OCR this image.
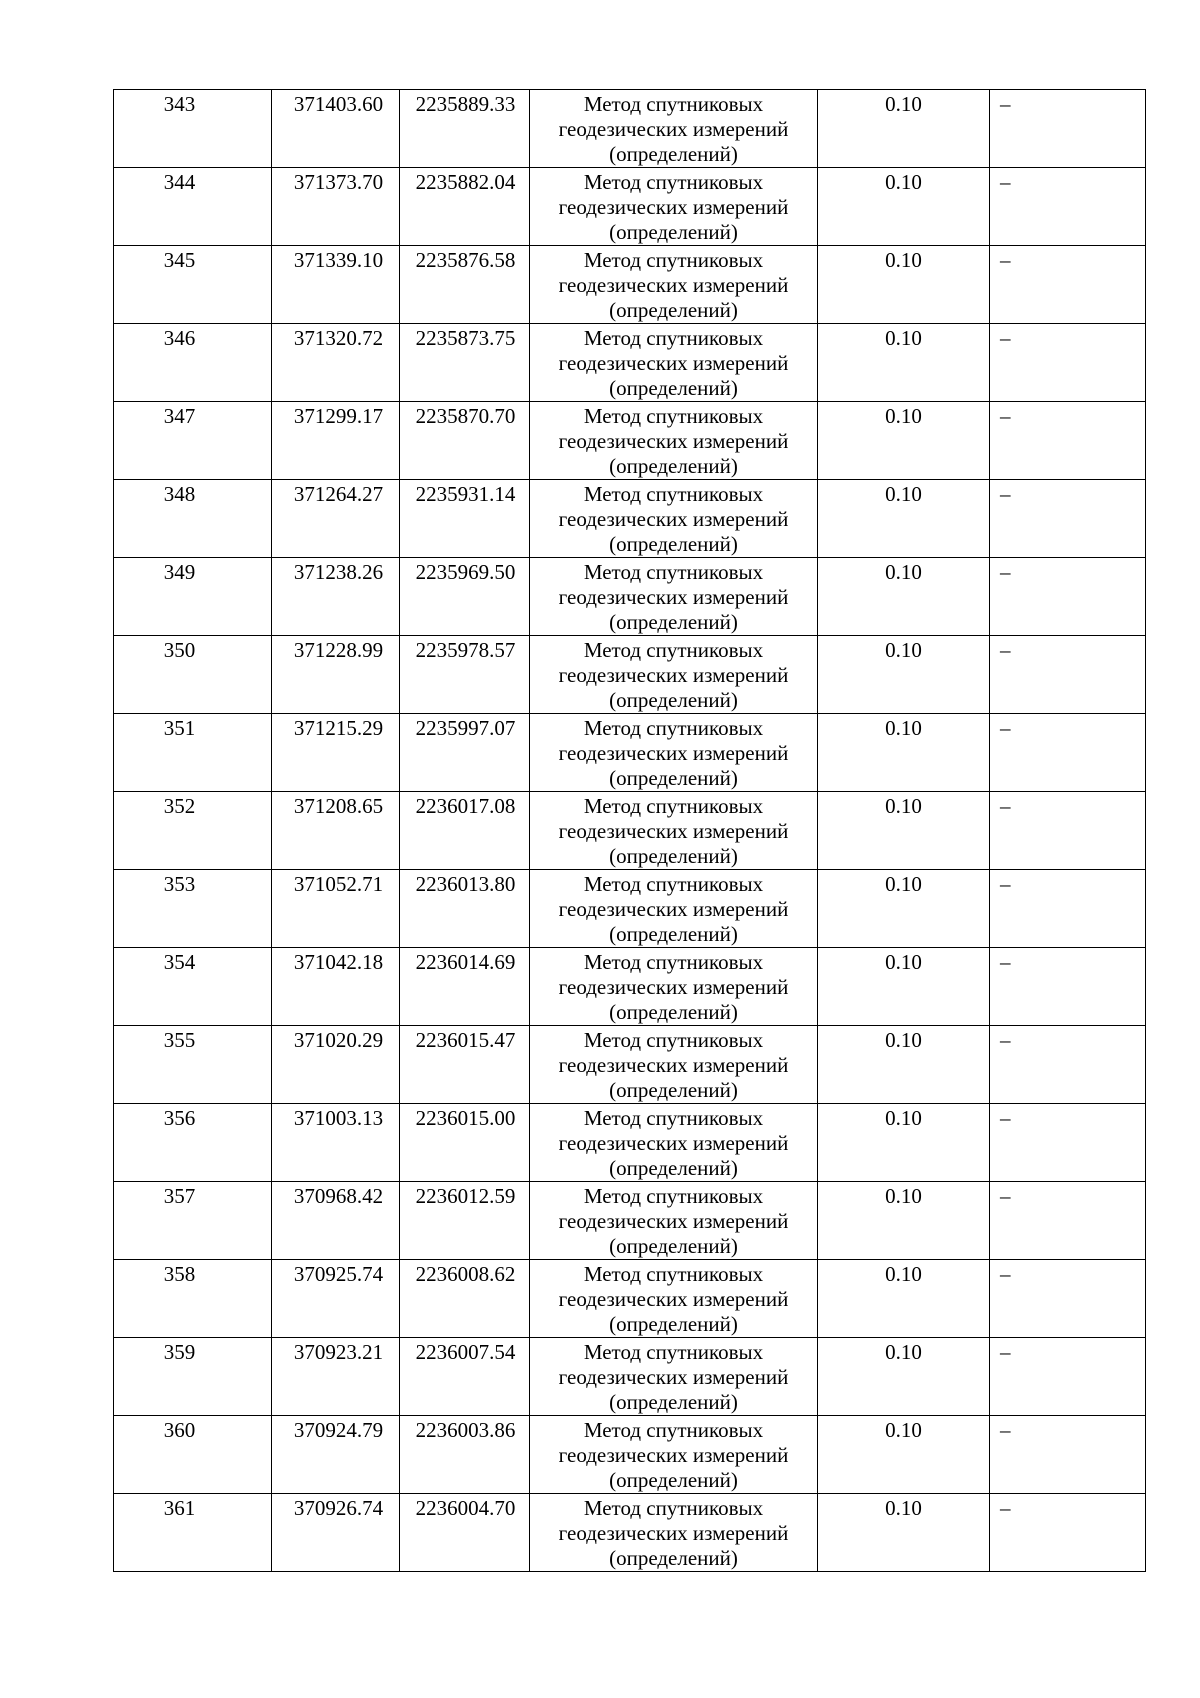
343	371403.60	2235889.33	Метод спутниковых геодезических измерений (определений)	0.10	–
344	371373.70	2235882.04	Метод спутниковых геодезических измерений (определений)	0.10	–
345	371339.10	2235876.58	Метод спутниковых геодезических измерений (определений)	0.10	–
346	371320.72	2235873.75	Метод спутниковых геодезических измерений (определений)	0.10	–
347	371299.17	2235870.70	Метод спутниковых геодезических измерений (определений)	0.10	–
348	371264.27	2235931.14	Метод спутниковых геодезических измерений (определений)	0.10	–
349	371238.26	2235969.50	Метод спутниковых геодезических измерений (определений)	0.10	–
350	371228.99	2235978.57	Метод спутниковых геодезических измерений (определений)	0.10	–
351	371215.29	2235997.07	Метод спутниковых геодезических измерений (определений)	0.10	–
352	371208.65	2236017.08	Метод спутниковых геодезических измерений (определений)	0.10	–
353	371052.71	2236013.80	Метод спутниковых геодезических измерений (определений)	0.10	–
354	371042.18	2236014.69	Метод спутниковых геодезических измерений (определений)	0.10	–
355	371020.29	2236015.47	Метод спутниковых геодезических измерений (определений)	0.10	–
356	371003.13	2236015.00	Метод спутниковых геодезических измерений (определений)	0.10	–
357	370968.42	2236012.59	Метод спутниковых геодезических измерений (определений)	0.10	–
358	370925.74	2236008.62	Метод спутниковых геодезических измерений (определений)	0.10	–
359	370923.21	2236007.54	Метод спутниковых геодезических измерений (определений)	0.10	–
360	370924.79	2236003.86	Метод спутниковых геодезических измерений (определений)	0.10	–
361	370926.74	2236004.70	Метод спутниковых геодезических измерений (определений)	0.10	–
